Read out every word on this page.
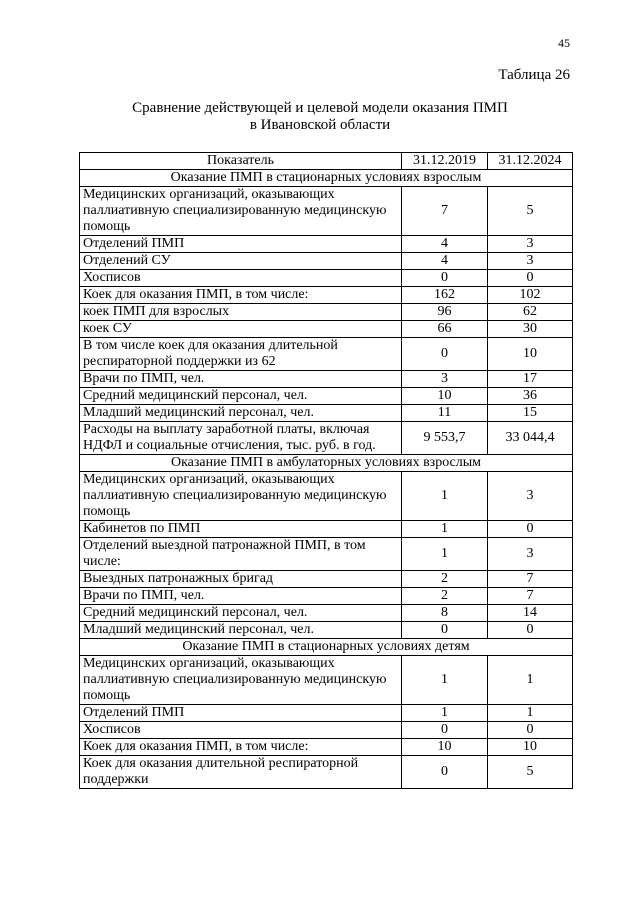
45
Таблица 26
Сравнение действующей и целевой модели оказания ПМП
в Ивановской области
Показатель	31.12.2019	31.12.2024
Оказание ПМП в стационарных условиях взрослым		
Медицинских организаций, оказывающих паллиативную специализированную медицинскую помощь	7	5
Отделений ПМП	4	3
Отделений СУ	4	3
Хосписов	0	0
Коек для оказания ПМП, в том числе:	162	102
коек ПМП для взрослых	96	62
коек СУ	66	30
В том числе коек для оказания длительной респираторной поддержки из 62	0	10
Врачи по ПМП, чел.	3	17
Средний медицинский персонал, чел.	10	36
Младший медицинский персонал, чел.	11	15
Расходы на выплату заработной платы, включая НДФЛ и социальные отчисления, тыс. руб. в год.	9 553,7	33 044,4
Оказание ПМП в амбулаторных условиях взрослым		
Медицинских организаций, оказывающих паллиативную специализированную медицинскую помощь	1	3
Кабинетов по ПМП	1	0
Отделений выездной патронажной ПМП, в том числе:	1	3
Выездных патронажных бригад	2	7
Врачи по ПМП, чел.	2	7
Средний медицинский персонал, чел.	8	14
Младший медицинский персонал, чел.	0	0
Оказание ПМП в стационарных условиях детям		
Медицинских организаций, оказывающих паллиативную специализированную медицинскую помощь	1	1
Отделений ПМП	1	1
Хосписов	0	0
Коек для оказания ПМП, в том числе:	10	10
Коек для оказания длительной респираторной поддержки	0	5
